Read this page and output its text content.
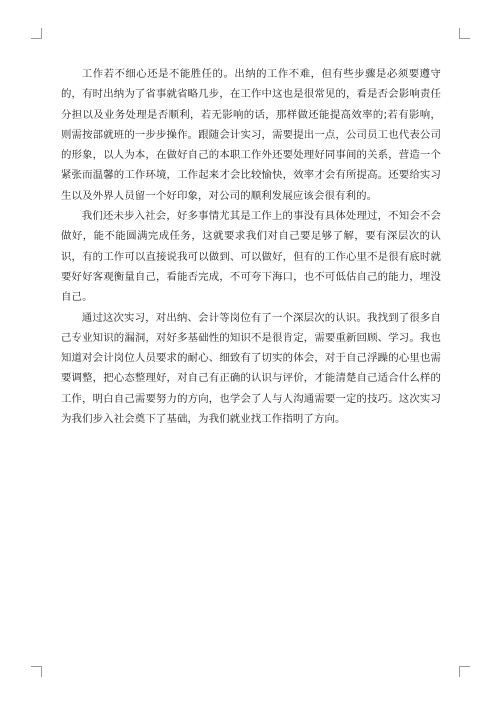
工作若不细心还是不能胜任的。出纳的工作不难，但有些步骤是必须要遵守的，有时出纳为了省事就省略几步，在工作中这也是很常见的，看是否会影响责任分担以及业务处理是否顺利，若无影响的话，那样做还能提高效率的;若有影响，则需按部就班的一步步操作。跟随会计实习，需要提出一点，公司员工也代表公司的形象，以人为本，在做好自己的本职工作外还要处理好同事间的关系，营造一个紧张而温馨的工作环境，工作起来才会比较愉快，效率才会有所提高。还要给实习生以及外界人员留一个好印象，对公司的顺利发展应该会很有利的。

我们还未步入社会，好多事情尤其是工作上的事没有具体处理过，不知会不会做好，能不能圆满完成任务，这就要求我们对自己要足够了解，要有深层次的认识，有的工作可以直接说我可以做到、可以做好，但有的工作心里不是很有底时就要好好客观衡量自己，看能否完成，不可夸下海口，也不可低估自己的能力，埋没自己。

通过这次实习，对出纳、会计等岗位有了一个深层次的认识。我找到了很多自己专业知识的漏洞，对好多基础性的知识不是很肯定，需要重新回顾、学习。我也知道对会计岗位人员要求的耐心、细致有了切实的体会，对于自己浮躁的心里也需要调整，把心态整理好，对自己有正确的认识与评价，才能清楚自己适合什么样的工作，明白自己需要努力的方向，也学会了人与人沟通需要一定的技巧。这次实习为我们步入社会奠下了基础，为我们就业找工作指明了方向。
